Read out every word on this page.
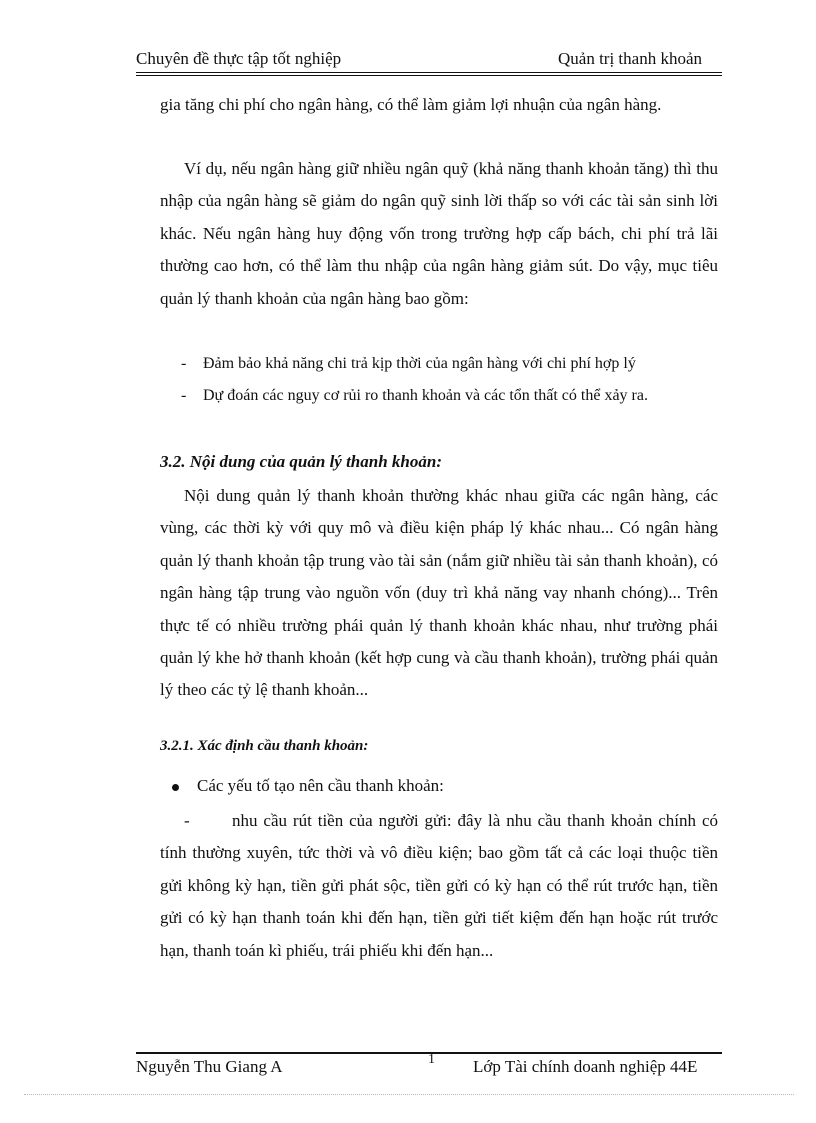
Chuyên đề thực tập tốt nghiệp	Quản trị thanh khoản

gia tăng chi phí cho ngân hàng, có thể làm giảm lợi nhuận của ngân hàng.

Ví dụ, nếu ngân hàng giữ nhiều ngân quỹ (khả năng thanh khoản tăng) thì thu nhập của ngân hàng sẽ giảm do ngân quỹ sinh lời thấp so với các tài sản sinh lời khác. Nếu ngân hàng huy động vốn trong trường hợp cấp bách, chi phí trả lãi thường cao hơn, có thể làm thu nhập của ngân hàng giảm sút. Do vậy, mục tiêu quản lý thanh khoản của ngân hàng bao gồm:

- Đảm bảo khả năng chi trả kịp thời của ngân hàng với chi phí hợp lý
- Dự đoán các nguy cơ rủi ro thanh khoản và các tổn thất có thể xảy ra.
3.2. Nội dung của quản lý thanh khoản:

Nội dung quản lý thanh khoản thường khác nhau giữa các ngân hàng, các vùng, các thời kỳ với quy mô và điều kiện pháp lý khác nhau... Có ngân hàng quản lý thanh khoản tập trung vào tài sản (nắm giữ nhiều tài sản thanh khoản), có ngân hàng tập trung vào nguồn vốn (duy trì khả năng vay nhanh chóng)... Trên thực tế có nhiều trường phái quản lý thanh khoản khác nhau, như trường phái quản lý khe hở thanh khoản (kết hợp cung và cầu thanh khoản), trường phái quản lý theo các tỷ lệ thanh khoản...

3.2.1. Xác định cầu thanh khoản:
Các yếu tố tạo nên cầu thanh khoản:
- nhu cầu rút tiền của người gửi: đây là nhu cầu thanh khoản chính có tính thường xuyên, tức thời và vô điều kiện; bao gồm tất cả các loại thuộc tiền gửi không kỳ hạn, tiền gửi phát sộc, tiền gửi có kỳ hạn có thể rút trước hạn, tiền gửi có kỳ hạn thanh toán khi đến hạn, tiền gửi tiết kiệm đến hạn hoặc rút trước hạn, thanh toán kì phiếu, trái phiếu khi đến hạn...
Nguyễn Thu Giang A	1 Lớp Tài chính doanh nghiệp 44E
